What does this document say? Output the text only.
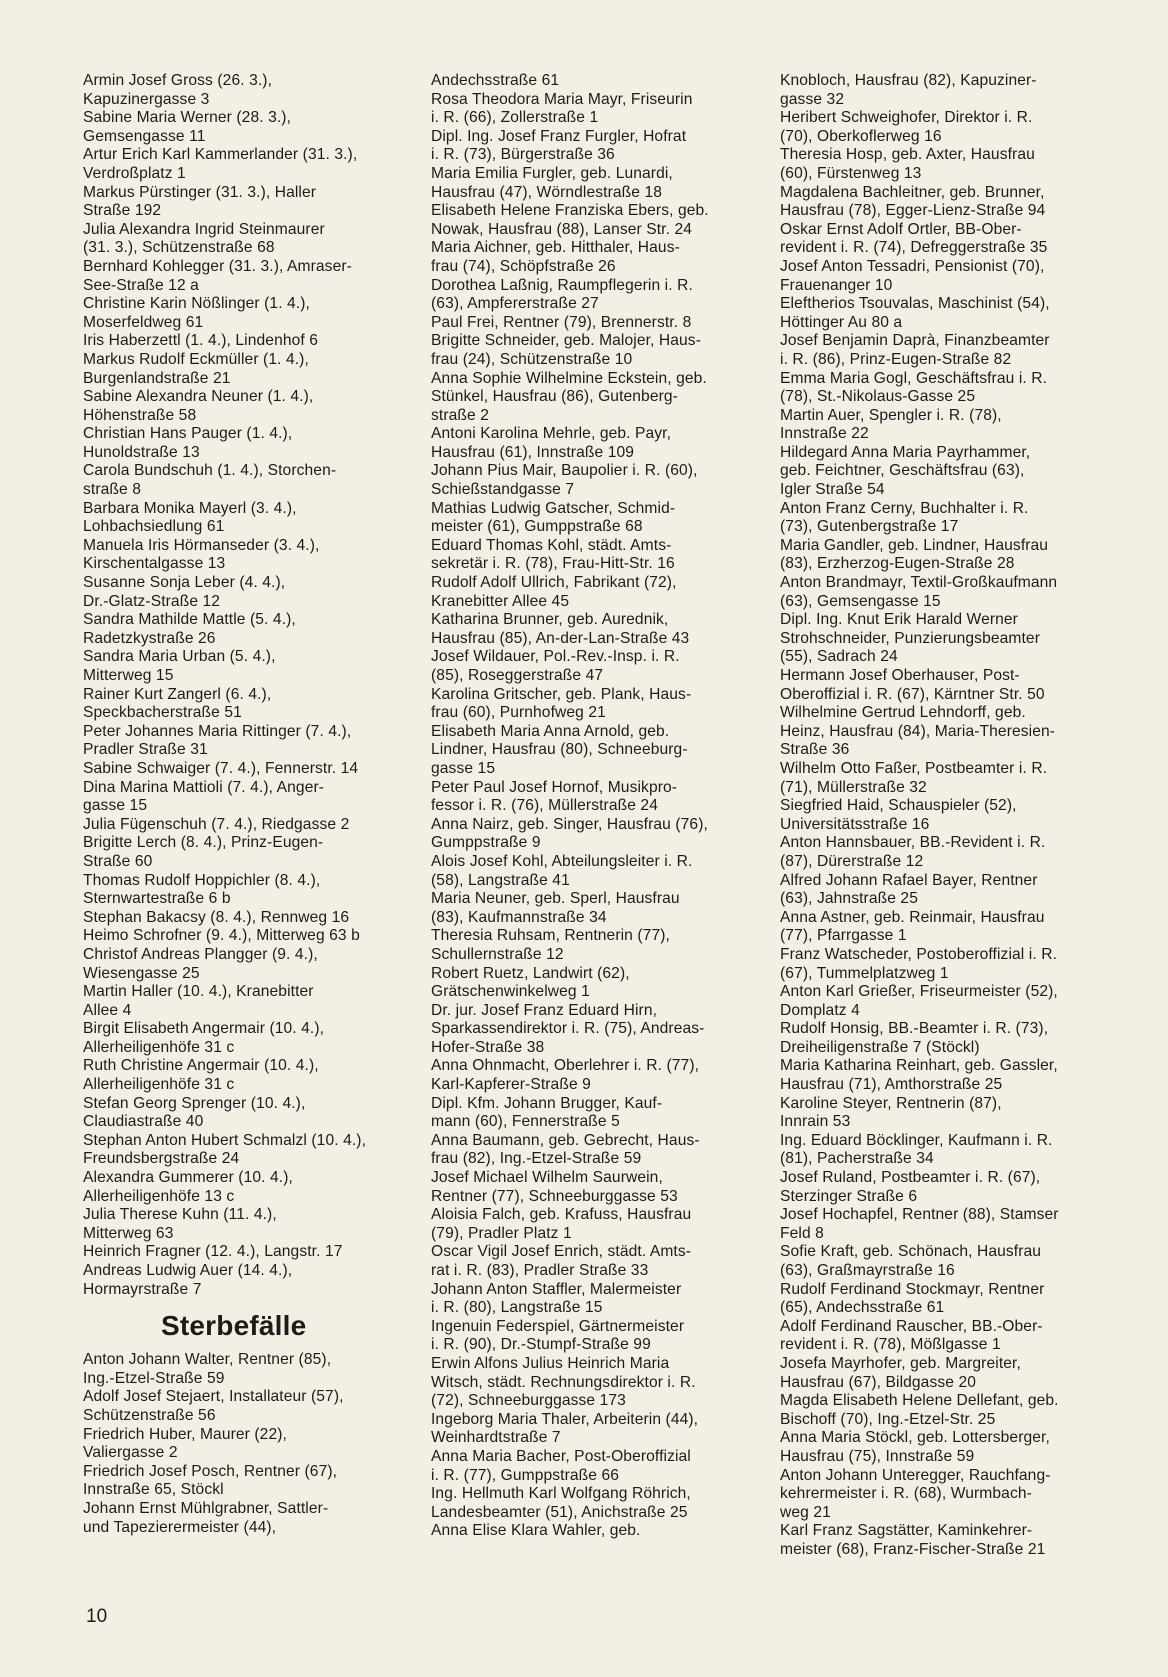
Armin Josef Gross (26. 3.),
Kapuzinergasse 3
Sabine Maria Werner (28. 3.),
Gemsengasse 11
Artur Erich Karl Kammerlander (31. 3.),
Verdroßplatz 1
Markus Pürstinger (31. 3.), Haller
Straße 192
Julia Alexandra Ingrid Steinmaurer
(31. 3.), Schützenstraße 68
Bernhard Kohlegger (31. 3.), Amraser-
See-Straße 12 a
Christine Karin Nößlinger (1. 4.),
Moserfeldweg 61
Iris Haberzettl (1. 4.), Lindenhof 6
Markus Rudolf Eckmüller (1. 4.),
Burgenlandstraße 21
Sabine Alexandra Neuner (1. 4.),
Höhenstraße 58
Christian Hans Pauger (1. 4.),
Hunoldstraße 13
Carola Bundschuh (1. 4.), Storchen-
straße 8
Barbara Monika Mayerl (3. 4.),
Lohbachsiedlung 61
Manuela Iris Hörmanseder (3. 4.),
Kirschentalgasse 13
Susanne Sonja Leber (4. 4.),
Dr.-Glatz-Straße 12
Sandra Mathilde Mattle (5. 4.),
Radetzkystraße 26
Sandra Maria Urban (5. 4.),
Mitterweg 15
Rainer Kurt Zangerl (6. 4.),
Speckbacherstraße 51
Peter Johannes Maria Rittinger (7. 4.),
Pradler Straße 31
Sabine Schwaiger (7. 4.), Fennerstr. 14
Dina Marina Mattioli (7. 4.), Anger-
gasse 15
Julia Fügenschuh (7. 4.), Riedgasse 2
Brigitte Lerch (8. 4.), Prinz-Eugen-
Straße 60
Thomas Rudolf Hoppichler (8. 4.),
Sternwartestraße 6 b
Stephan Bakacsy (8. 4.), Rennweg 16
Heimo Schrofner (9. 4.), Mitterweg 63 b
Christof Andreas Plangger (9. 4.),
Wiesengasse 25
Martin Haller (10. 4.), Kranebitter
Allee 4
Birgit Elisabeth Angermair (10. 4.),
Allerheiligenhöfe 31 c
Ruth Christine Angermair (10. 4.),
Allerheiligenhöfe 31 c
Stefan Georg Sprenger (10. 4.),
Claudiastraße 40
Stephan Anton Hubert Schmalzl (10. 4.),
Freundsbergstraße 24
Alexandra Gummerer (10. 4.),
Allerheiligenhöfe 13 c
Julia Therese Kuhn (11. 4.),
Mitterweg 63
Heinrich Fragner (12. 4.), Langstr. 17
Andreas Ludwig Auer (14. 4.),
Hormayrstraße 7
Sterbefälle
Anton Johann Walter, Rentner (85),
Ing.-Etzel-Straße 59
Adolf Josef Stejaert, Installateur (57),
Schützenstraße 56
Friedrich Huber, Maurer (22),
Valiergasse 2
Friedrich Josef Posch, Rentner (67),
Innstraße 65, Stöckl
Johann Ernst Mühlgrabner, Sattler-
und Tapezierermeister (44),
Andechsstraße 61
Rosa Theodora Maria Mayr, Friseurin
i. R. (66), Zollerstraße 1
Dipl. Ing. Josef Franz Furgler, Hofrat
i. R. (73), Bürgerstraße 36
Maria Emilia Furgler, geb. Lunardi,
Hausfrau (47), Wörndlestraße 18
Elisabeth Helene Franziska Ebers, geb.
Nowak, Hausfrau (88), Lanser Str. 24
Maria Aichner, geb. Hitthaler, Haus-
frau (74), Schöpfstraße 26
Dorothea Laßnig, Raumpflegerin i. R.
(63), Ampfererstraße 27
Paul Frei, Rentner (79), Brennerstr. 8
Brigitte Schneider, geb. Malojer, Haus-
frau (24), Schützenstraße 10
Anna Sophie Wilhelmine Eckstein, geb.
Stünkel, Hausfrau (86), Gutenberg-
straße 2
Antoni Karolina Mehrle, geb. Payr,
Hausfrau (61), Innstraße 109
Johann Pius Mair, Baupolier i. R. (60),
Schießstandgasse 7
Mathias Ludwig Gatscher, Schmid-
meister (61), Gumppstraße 68
Eduard Thomas Kohl, städt. Amts-
sekretär i. R. (78), Frau-Hitt-Str. 16
Rudolf Adolf Ullrich, Fabrikant (72),
Kranebitter Allee 45
Katharina Brunner, geb. Aurednik,
Hausfrau (85), An-der-Lan-Straße 43
Josef Wildauer, Pol.-Rev.-Insp. i. R.
(85), Roseggerstraße 47
Karolina Gritscher, geb. Plank, Haus-
frau (60), Purnhofweg 21
Elisabeth Maria Anna Arnold, geb.
Lindner, Hausfrau (80), Schneeburg-
gasse 15
Peter Paul Josef Hornof, Musikpro-
fessor i. R. (76), Müllerstraße 24
Anna Nairz, geb. Singer, Hausfrau (76),
Gumppstraße 9
Alois Josef Kohl, Abteilungsleiter i. R.
(58), Langstraße 41
Maria Neuner, geb. Sperl, Hausfrau
(83), Kaufmannstraße 34
Theresia Ruhsam, Rentnerin (77),
Schullernstraße 12
Robert Ruetz, Landwirt (62),
Grätschenwinkelweg 1
Dr. jur. Josef Franz Eduard Hirn,
Sparkassendirektor i. R. (75), Andreas-
Hofer-Straße 38
Anna Ohnmacht, Oberlehrer i. R. (77),
Karl-Kapferer-Straße 9
Dipl. Kfm. Johann Brugger, Kauf-
mann (60), Fennerstraße 5
Anna Baumann, geb. Gebrecht, Haus-
frau (82), Ing.-Etzel-Straße 59
Josef Michael Wilhelm Saurwein,
Rentner (77), Schneeburggasse 53
Aloisia Falch, geb. Krafuss, Hausfrau
(79), Pradler Platz 1
Oscar Vigil Josef Enrich, städt. Amts-
rat i. R. (83), Pradler Straße 33
Johann Anton Staffler, Malermeister
i. R. (80), Langstraße 15
Ingenuin Federspiel, Gärtnermeister
i. R. (90), Dr.-Stumpf-Straße 99
Erwin Alfons Julius Heinrich Maria
Witsch, städt. Rechnungsdirektor i. R.
(72), Schneeburggasse 173
Ingeborg Maria Thaler, Arbeiterin (44),
Weinhardtstraße 7
Anna Maria Bacher, Post-Oberoffizial
i. R. (77), Gumppstraße 66
Ing. Hellmuth Karl Wolfgang Röhrich,
Landesbeamter (51), Anichstraße 25
Anna Elise Klara Wahler, geb.
Knobloch, Hausfrau (82), Kapuziner-
gasse 32
Heribert Schweighofer, Direktor i. R.
(70), Oberkoflerweg 16
Theresia Hosp, geb. Axter, Hausfrau
(60), Fürstenweg 13
Magdalena Bachleitner, geb. Brunner,
Hausfrau (78), Egger-Lienz-Straße 94
Oskar Ernst Adolf Ortler, BB-Ober-
revident i. R. (74), Defreggerstraße 35
Josef Anton Tessadri, Pensionist (70),
Frauenanger 10
Eleftherios Tsouvalas, Maschinist (54),
Höttinger Au 80 a
Josef Benjamin Daprà, Finanzbeamter
i. R. (86), Prinz-Eugen-Straße 82
Emma Maria Gogl, Geschäftsfrau i. R.
(78), St.-Nikolaus-Gasse 25
Martin Auer, Spengler i. R. (78),
Innstraße 22
Hildegard Anna Maria Payrhammer,
geb. Feichtner, Geschäftsfrau (63),
Igler Straße 54
Anton Franz Cerny, Buchhalter i. R.
(73), Gutenbergstraße 17
Maria Gandler, geb. Lindner, Hausfrau
(83), Erzherzog-Eugen-Straße 28
Anton Brandmayr, Textil-Großkaufmann
(63), Gemsengasse 15
Dipl. Ing. Knut Erik Harald Werner
Strohschneider, Punzierungsbeamter
(55), Sadrach 24
Hermann Josef Oberhauser, Post-
Oberoffizial i. R. (67), Kärntner Str. 50
Wilhelmine Gertrud Lehndorff, geb.
Heinz, Hausfrau (84), Maria-Theresien-
Straße 36
Wilhelm Otto Faßer, Postbeamter i. R.
(71), Müllerstraße 32
Siegfried Haid, Schauspieler (52),
Universitätsstraße 16
Anton Hannsbauer, BB.-Revident i. R.
(87), Dürerstraße 12
Alfred Johann Rafael Bayer, Rentner
(63), Jahnstraße 25
Anna Astner, geb. Reinmair, Hausfrau
(77), Pfarrgasse 1
Franz Watscheder, Postoberoffizial i. R.
(67), Tummelplatzweg 1
Anton Karl Grießer, Friseurmeister (52),
Domplatz 4
Rudolf Honsig, BB.-Beamter i. R. (73),
Dreiheiligenstraße 7 (Stöckl)
Maria Katharina Reinhart, geb. Gassler,
Hausfrau (71), Amthorstraße 25
Karoline Steyer, Rentnerin (87),
Innrain 53
Ing. Eduard Böcklinger, Kaufmann i. R.
(81), Pacherstraße 34
Josef Ruland, Postbeamter i. R. (67),
Sterzinger Straße 6
Josef Hochapfel, Rentner (88), Stamser
Feld 8
Sofie Kraft, geb. Schönach, Hausfrau
(63), Graßmayrstraße 16
Rudolf Ferdinand Stockmayr, Rentner
(65), Andechsstraße 61
Adolf Ferdinand Rauscher, BB.-Ober-
revident i. R. (78), Mößlgasse 1
Josefa Mayrhofer, geb. Margreiter,
Hausfrau (67), Bildgasse 20
Magda Elisabeth Helene Dellefant, geb.
Bischoff (70), Ing.-Etzel-Str. 25
Anna Maria Stöckl, geb. Lottersberger,
Hausfrau (75), Innstraße 59
Anton Johann Unteregger, Rauchfang-
kehrermeister i. R. (68), Wurmbach-
weg 21
Karl Franz Sagstätter, Kaminkehrer-
meister (68), Franz-Fischer-Straße 21
10
